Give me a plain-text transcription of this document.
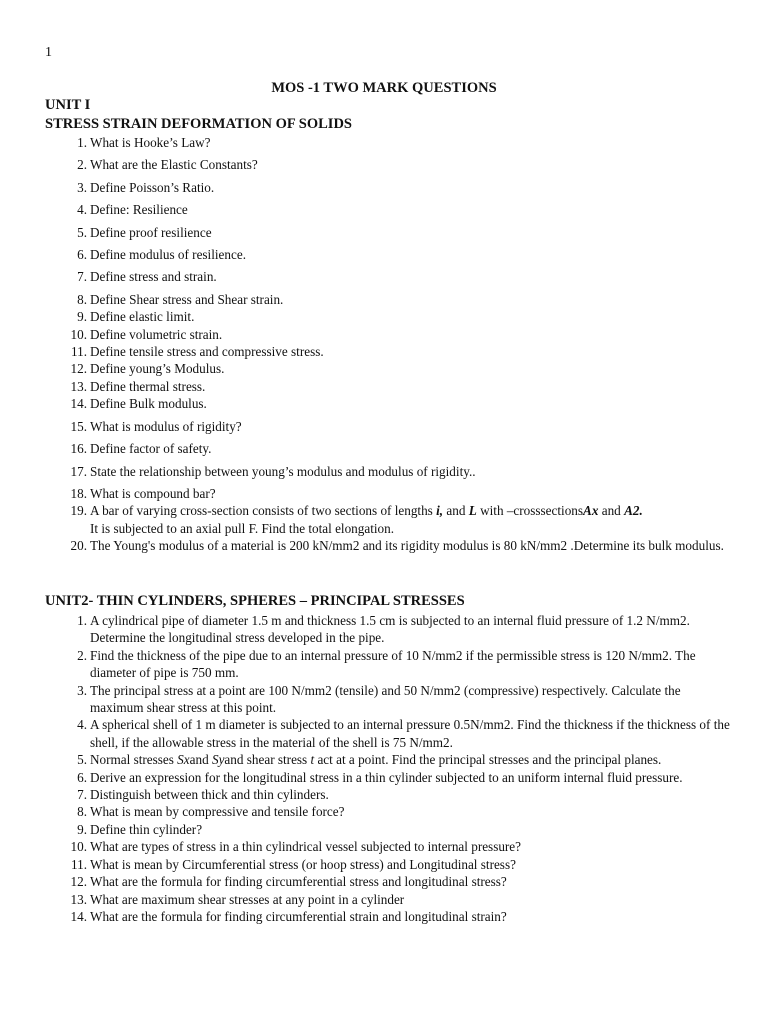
1
MOS -1 TWO MARK QUESTIONS
UNIT I
STRESS STRAIN DEFORMATION OF SOLIDS
1. What is Hooke’s Law?
2. What are the Elastic Constants?
3. Define Poisson’s Ratio.
4. Define: Resilience
5. Define proof resilience
6. Define modulus of resilience.
7. Define stress and strain.
8. Define Shear stress and Shear strain.
9. Define elastic limit.
10. Define volumetric strain.
11. Define tensile stress and compressive stress.
12. Define young’s Modulus.
13. Define thermal stress.
14. Define Bulk modulus.
15. What is modulus of rigidity?
16. Define factor of safety.
17. State the relationship between young’s modulus and modulus of rigidity..
18. What is compound bar?
19. A bar of varying cross-section consists of two sections of lengths i, and L with –crosssectionsAx and A2.
It is subjected to an axial pull F. Find the total elongation.
20. The Young's modulus of a material is 200 kN/mm2 and its rigidity modulus is 80 kN/mm2 .Determine its bulk modulus.
UNIT2- THIN CYLINDERS, SPHERES – PRINCIPAL STRESSES
1. A cylindrical pipe of diameter 1.5 m and thickness 1.5 cm is subjected to an internal fluid pressure of 1.2 N/mm2. Determine the longitudinal stress developed in the pipe.
2. Find the thickness of the pipe due to an internal pressure of 10 N/mm2 if the permissible stress is 120 N/mm2. The diameter of pipe is 750 mm.
3. The principal stress at a point are 100 N/mm2 (tensile) and 50 N/mm2 (compressive) respectively. Calculate the maximum shear stress at this point.
4. A spherical shell of 1 m diameter is subjected to an internal pressure 0.5N/mm2. Find the thickness if the thickness of the shell, if the allowable stress in the material of the shell is 75 N/mm2.
5. Normal stresses Sxand Syand shear stress t act at a point. Find the principal stresses and the principal planes.
6. Derive an expression for the longitudinal stress in a thin cylinder subjected to an uniform internal fluid pressure.
7. Distinguish between thick and thin cylinders.
8. What is mean by compressive and tensile force?
9. Define thin cylinder?
10. What are types of stress in a thin cylindrical vessel subjected to internal pressure?
11. What is mean by Circumferential stress (or hoop stress) and Longitudinal stress?
12. What are the formula for finding circumferential stress and longitudinal stress?
13. What are maximum shear stresses at any point in a cylinder
14. What are the formula for finding circumferential strain and longitudinal strain?
